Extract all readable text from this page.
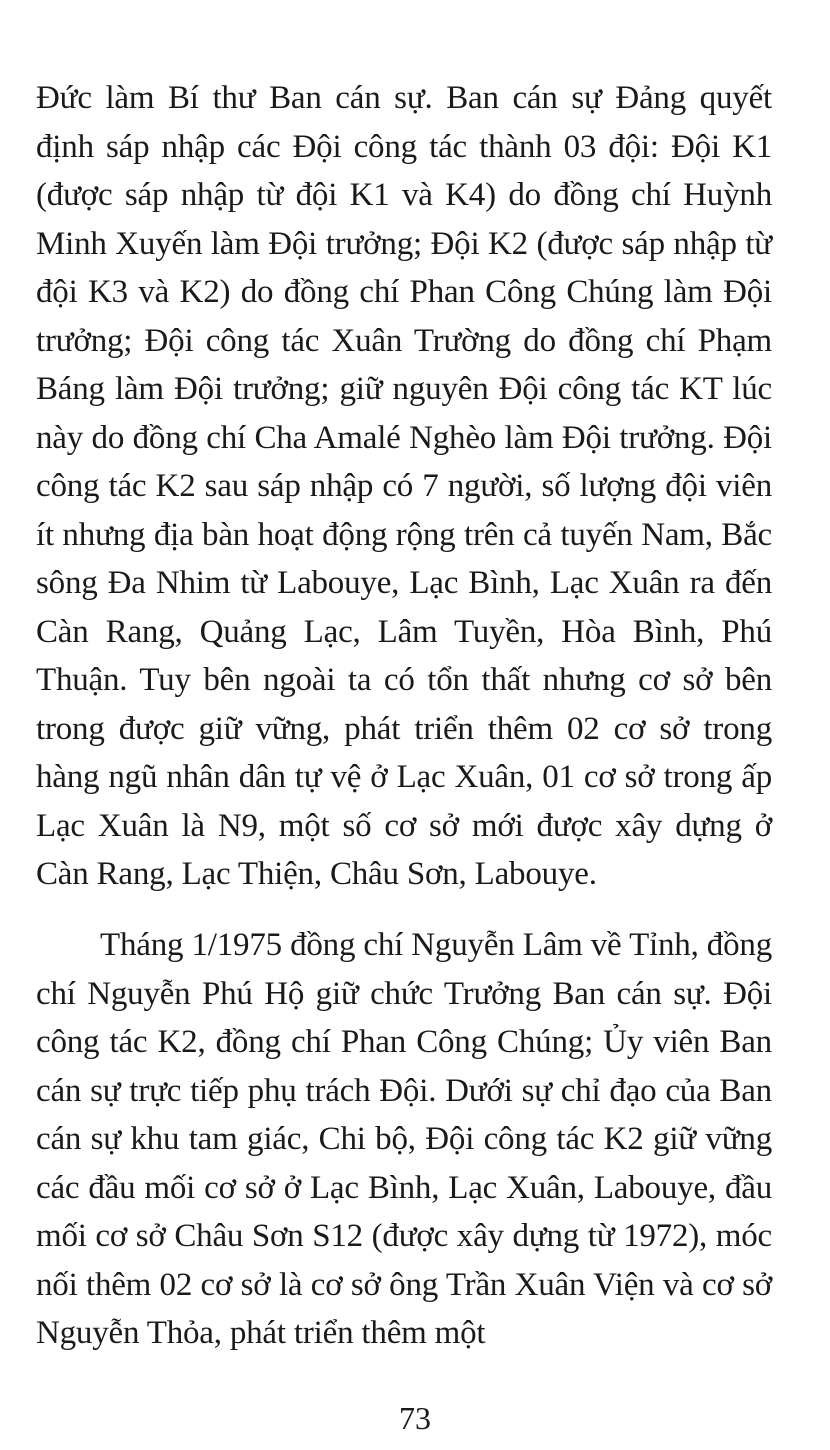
Đức làm Bí thư Ban cán sự. Ban cán sự Đảng quyết định sáp nhập các Đội công tác thành 03 đội: Đội K1 (được sáp nhập từ đội K1 và K4) do đồng chí Huỳnh Minh Xuyến làm Đội trưởng; Đội K2 (được sáp nhập từ đội K3 và K2) do đồng chí Phan Công Chúng làm Đội trưởng; Đội công tác Xuân Trường do đồng chí Phạm Báng làm Đội trưởng; giữ nguyên Đội công tác KT lúc này do đồng chí Cha Amalé Nghèo làm Đội trưởng. Đội công tác K2 sau sáp nhập có 7 người, số lượng đội viên ít nhưng địa bàn hoạt động rộng trên cả tuyến Nam, Bắc sông Đa Nhim từ Labouye, Lạc Bình, Lạc Xuân ra đến Càn Rang, Quảng Lạc, Lâm Tuyền, Hòa Bình, Phú Thuận. Tuy bên ngoài ta có tổn thất nhưng cơ sở bên trong được giữ vững, phát triển thêm 02 cơ sở trong hàng ngũ nhân dân tự vệ ở Lạc Xuân, 01 cơ sở trong ấp Lạc Xuân là N9, một số cơ sở mới được xây dựng ở Càn Rang, Lạc Thiện, Châu Sơn, Labouye.

Tháng 1/1975 đồng chí Nguyễn Lâm về Tỉnh, đồng chí Nguyễn Phú Hộ giữ chức Trưởng Ban cán sự. Đội công tác K2, đồng chí Phan Công Chúng; Ủy viên Ban cán sự trực tiếp phụ trách Đội. Dưới sự chỉ đạo của Ban cán sự khu tam giác, Chi bộ, Đội công tác K2 giữ vững các đầu mối cơ sở ở Lạc Bình, Lạc Xuân, Labouye, đầu mối cơ sở Châu Sơn S12 (được xây dựng từ 1972), móc nối thêm 02 cơ sở là cơ sở ông Trần Xuân Viện và cơ sở Nguyễn Thỏa, phát triển thêm một

73
